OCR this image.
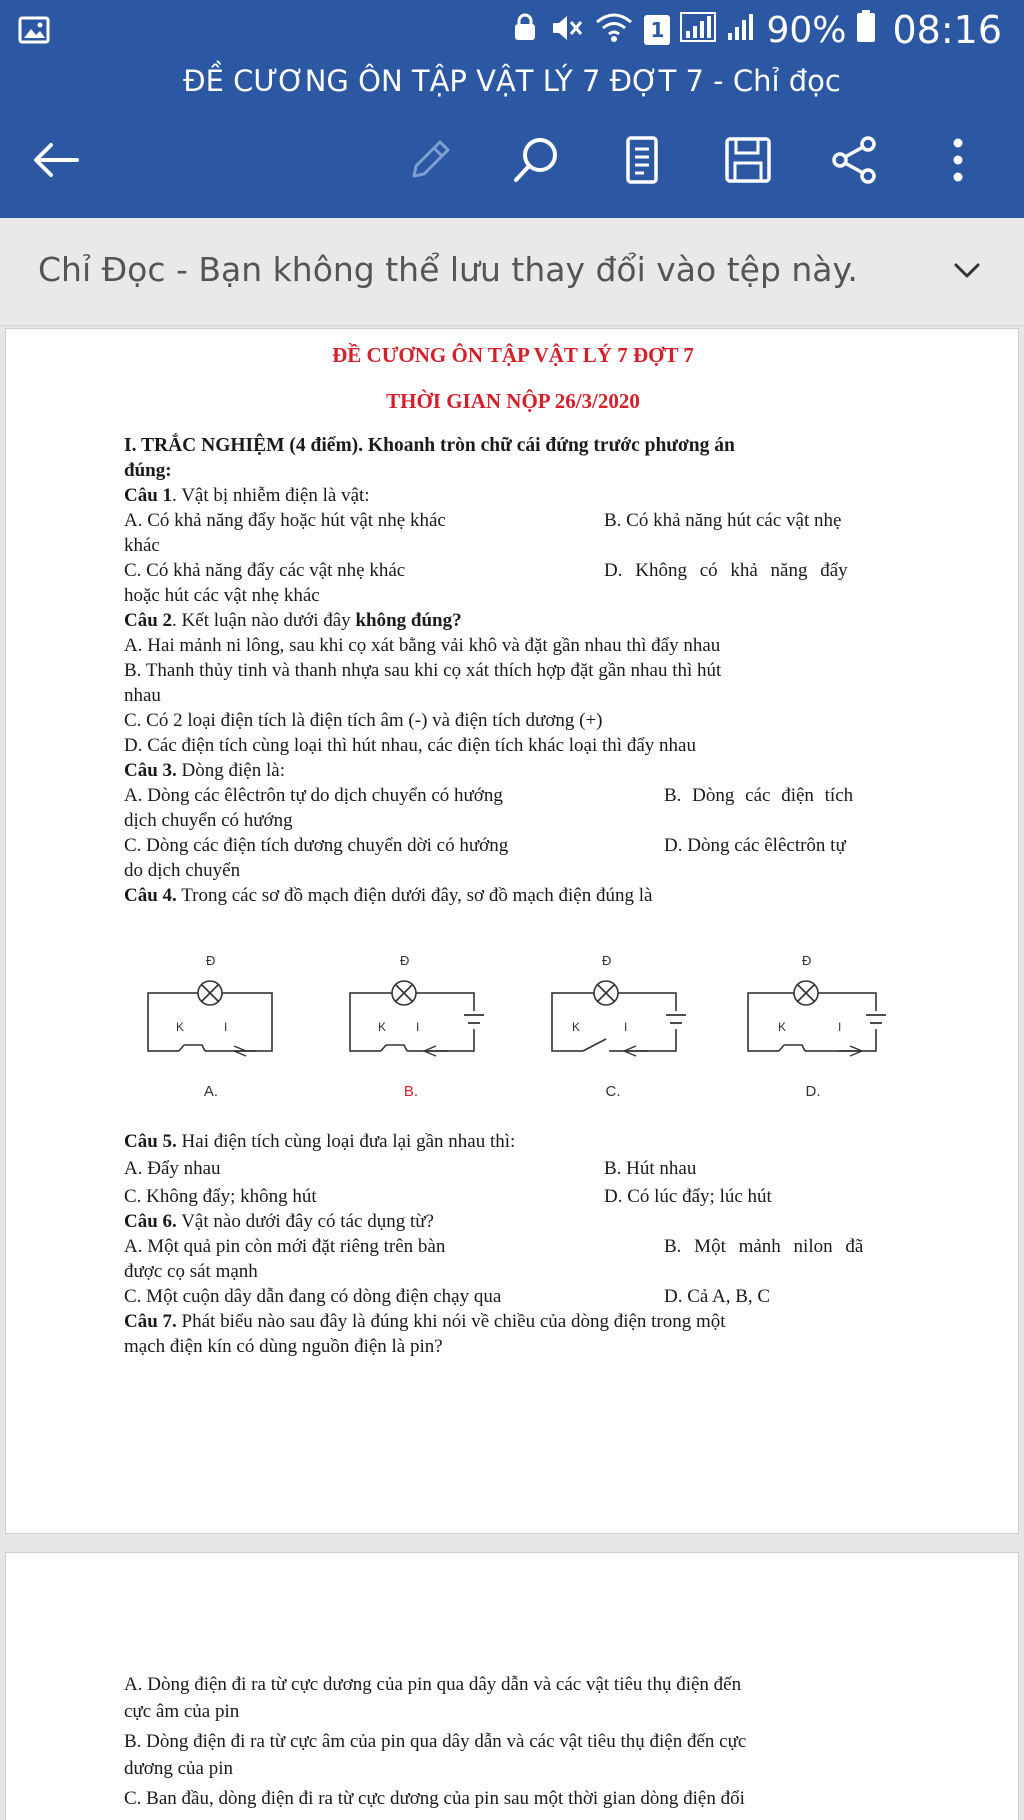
1	90% 08:16
ĐỀ CƯƠNG ÔN TẬP VẬT LÝ 7 ĐỢT 7 - Chỉ đọc
Chỉ Đọc - Bạn không thể lưu thay đổi vào tệp này.
ĐỀ CƯƠNG ÔN TẬP VẬT LÝ 7 ĐỢT 7
THỜI GIAN NỘP 26/3/2020
I. TRẮC NGHIỆM (4 điểm). Khoanh tròn chữ cái đứng trước phương án
đúng:
Câu 1. Vật bị nhiễm điện là vật:
A. Có khả năng đẩy hoặc hút vật nhẹ khác	B. Có khả năng hút các vật nhẹ
khác
C. Có khả năng đẩy các vật nhẹ khác	D. Không có khả năng đẩy
hoặc hút các vật nhẹ khác
Câu 2. Kết luận nào dưới đây không đúng?
A. Hai mảnh ni lông, sau khi cọ xát bằng vải khô và đặt gần nhau thì đẩy nhau
B. Thanh thủy tinh và thanh nhựa sau khi cọ xát thích hợp đặt gần nhau thì hút
nhau
C. Có 2 loại điện tích là điện tích âm (-) và điện tích dương (+)
D. Các điện tích cùng loại thì hút nhau, các điện tích khác loại thì đẩy nhau
Câu 3. Dòng điện là:
A. Dòng các êlêctrôn tự do dịch chuyển có hướng	B. Dòng các điện tích
dịch chuyển có hướng
C. Dòng các điện tích dương chuyển dời có hướng	D. Dòng các êlêctrôn tự
do dịch chuyển
Câu 4. Trong các sơ đồ mạch điện dưới đây, sơ đồ mạch điện đúng là
Đ
K	I
A.
Đ
K I
B.
Đ
K	I
C.
Đ
K	I
D.
Câu 5. Hai điện tích cùng loại đưa lại gần nhau thì:
A. Đẩy nhau	B. Hút nhau
C. Không đẩy; không hút	D. Có lúc đẩy; lúc hút
Câu 6. Vật nào dưới đây có tác dụng từ?
A. Một quả pin còn mới đặt riêng trên bàn	B. Một mảnh nilon đã
được cọ sát mạnh
C. Một cuộn dây dẫn đang có dòng điện chạy qua	D. Cả A, B, C
Câu 7. Phát biểu nào sau đây là đúng khi nói về chiều của dòng điện trong một
mạch điện kín có dùng nguồn điện là pin?
A. Dòng điện đi ra từ cực dương của pin qua dây dẫn và các vật tiêu thụ điện đến
cực âm của pin
B. Dòng điện đi ra từ cực âm của pin qua dây dẫn và các vật tiêu thụ điện đến cực
dương của pin
C. Ban đầu, dòng điện đi ra từ cực dương của pin sau một thời gian dòng điện đổi
